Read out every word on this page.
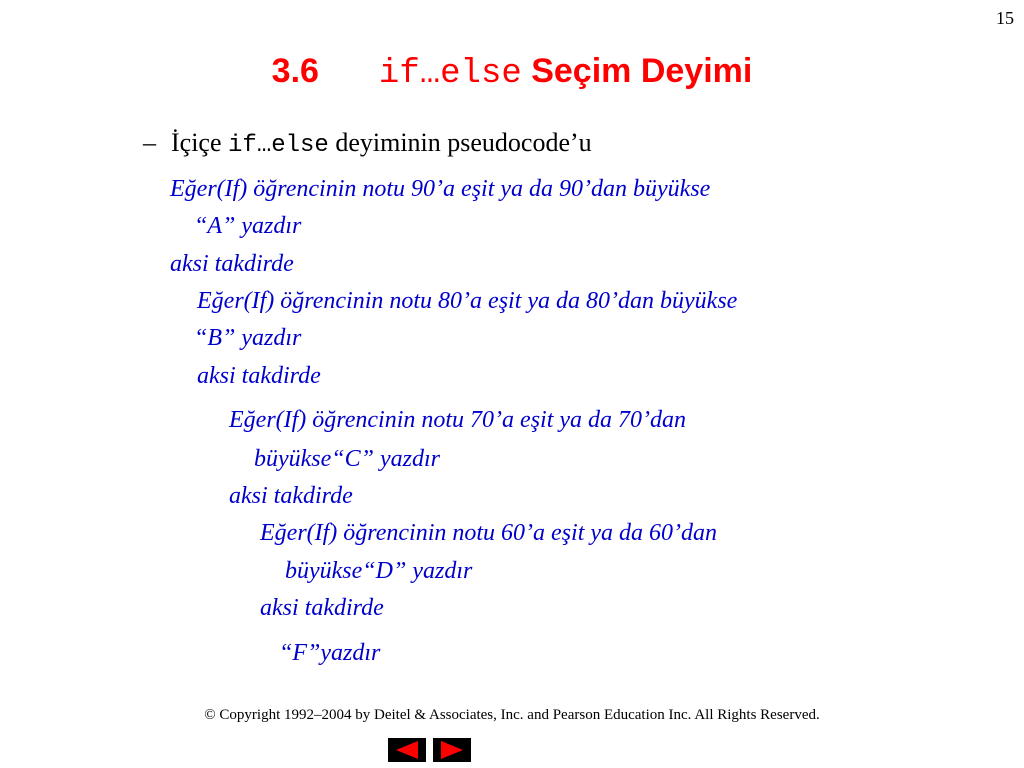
15
3.6 if…else Seçim Deyimi
– İçiçe if…else deyiminin pseudocode’u
Eğer(If) öğrencinin notu 90’a eşit ya da 90’dan büyükse
“A” yazdır
aksi takdirde
Eğer(If) öğrencinin notu 80’a eşit ya da 80’dan büyükse
“B” yazdır
aksi takdirde
Eğer(If) öğrencinin notu 70’a eşit ya da 70’dan
büyükse“C” yazdır
aksi takdirde
Eğer(If) öğrencinin notu 60’a eşit ya da 60’dan
büyükse“D” yazdır
aksi takdirde
“F”yazdır
© Copyright 1992–2004 by Deitel & Associates, Inc. and Pearson Education Inc. All Rights Reserved.
